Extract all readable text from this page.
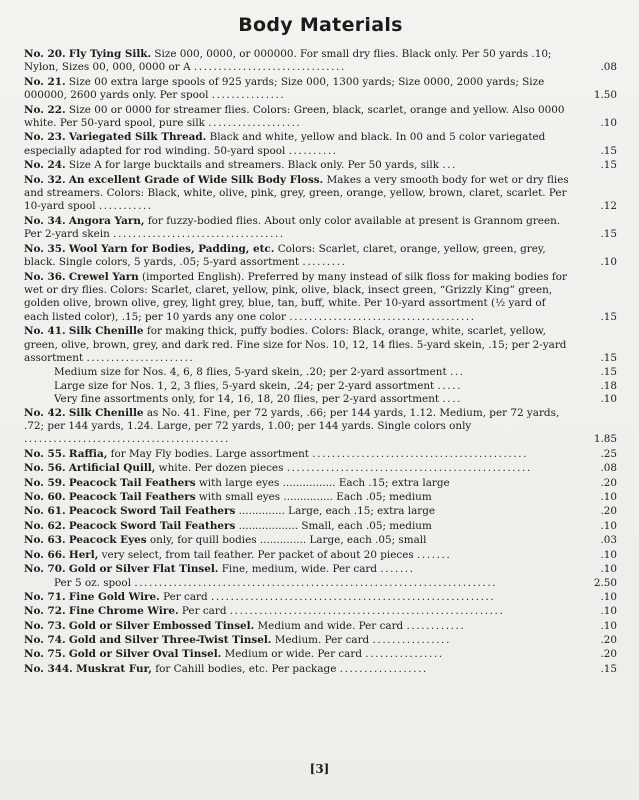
Body Materials
No. 20. Fly Tying Silk. Size 000, 0000, or 000000. For small dry flies. Black only. Per 50 yards .10; Nylon, Sizes 00, 000, 0000 or A ...............................	.08
No. 21. Size 00 extra large spools of 925 yards; Size 000, 1300 yards; Size 0000, 2000 yards; Size 000000, 2600 yards only. Per spool ...............	1.50
No. 22. Size 00 or 0000 for streamer flies. Colors: Green, black, scarlet, orange and yellow. Also 0000 white. Per 50-yard spool, pure silk ...................	.10
No. 23. Variegated Silk Thread. Black and white, yellow and black. In 00 and 5 color variegated especially adapted for rod winding. 50-yard spool ..........	.15
No. 24. Size A for large bucktails and streamers. Black only. Per 50 yards, silk ...	.15
No. 32. An excellent Grade of Wide Silk Body Floss. Makes a very smooth body for wet or dry flies and streamers. Colors: Black, white, olive, pink, grey, green, orange, yellow, brown, claret, scarlet. Per 10-yard spool ...........	.12
No. 34. Angora Yarn, for fuzzy-bodied flies. About only color available at present is Grannom green. Per 2-yard skein ...................................	.15
No. 35. Wool Yarn for Bodies, Padding, etc. Colors: Scarlet, claret, orange, yellow, green, grey, black. Single colors, 5 yards, .05; 5-yard assortment .........	.10
No. 36. Crewel Yarn (imported English). Preferred by many instead of silk floss for making bodies for wet or dry flies. Colors: Scarlet, claret, yellow, pink, olive, black, insect green, “Grizzly King” green, golden olive, brown olive, grey, light grey, blue, tan, buff, white. Per 10-yard assortment (½ yard of each listed color), .15; per 10 yards any one color ......................................	.15
No. 41. Silk Chenille for making thick, puffy bodies. Colors: Black, orange, white, scarlet, yellow, green, olive, brown, grey, and dark red. Fine size for Nos. 10, 12, 14 flies. 5-yard skein, .15; per 2-yard assortment ......................	.15
Medium size for Nos. 4, 6, 8 flies, 5-yard skein, .20; per 2-yard assortment ...	.15
Large size for Nos. 1, 2, 3 flies, 5-yard skein, .24; per 2-yard assortment .....	.18
Very fine assortments only, for 14, 16, 18, 20 flies, per 2-yard assortment ....	.10
No. 42. Silk Chenille as No. 41. Fine, per 72 yards, .66; per 144 yards, 1.12. Medium, per 72 yards, .72; per 144 yards, 1.24. Large, per 72 yards, 1.00; per 144 yards. Single colors only ..........................................	1.85
No. 55. Raffia, for May Fly bodies. Large assortment ............................................	.25
No. 56. Artificial Quill, white. Per dozen pieces ..................................................	.08
No. 59. Peacock Tail Feathers with large eyes ................ Each .15; extra large	.20
No. 60. Peacock Tail Feathers with small eyes ............... Each .05; medium	.10
No. 61. Peacock Sword Tail Feathers .............. Large, each .15; extra large	.20
No. 62. Peacock Sword Tail Feathers .................. Small, each .05; medium	.10
No. 63. Peacock Eyes only, for quill bodies .............. Large, each .05; small	.03
No. 66. Herl, very select, from tail feather. Per packet of about 20 pieces .......	.10
No. 70. Gold or Silver Flat Tinsel. Fine, medium, wide. Per card .......	.10
Per 5 oz. spool ..........................................................................	2.50
No. 71. Fine Gold Wire. Per card ..........................................................	.10
No. 72. Fine Chrome Wire. Per card ........................................................	.10
No. 73. Gold or Silver Embossed Tinsel. Medium and wide. Per card ............	.10
No. 74. Gold and Silver Three-Twist Tinsel. Medium. Per card ................	.20
No. 75. Gold or Silver Oval Tinsel. Medium or wide. Per card ................	.20
No. 344. Muskrat Fur, for Cahill bodies, etc. Per package ..................	.15
[3]
